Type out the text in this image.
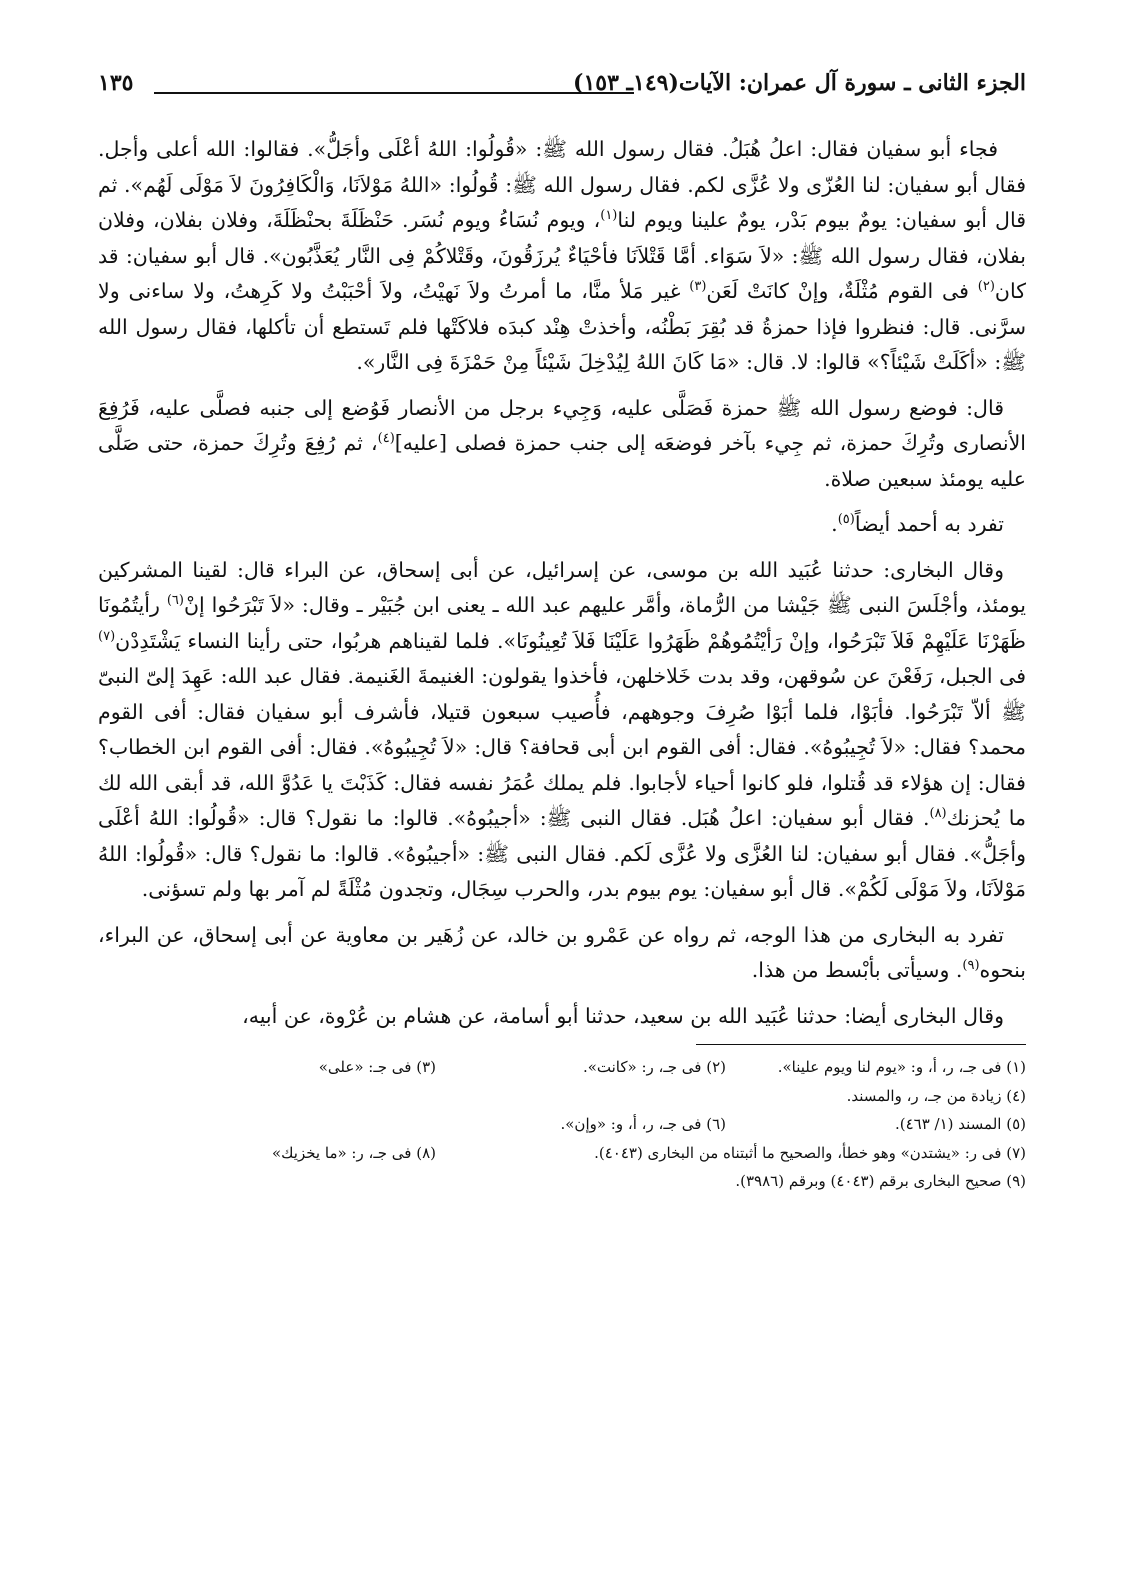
الجزء الثانى ـ سورة آل عمران: الآيات(١٤٩ـ ١٥٣)
١٣٥

فجاء أبو سفيان فقال: اعلُ هُبَلُ. فقال رسول الله ﷺ: «قُولُوا: اللهُ أعْلَى وأجَلُّ». فقالوا: الله أعلى وأجل. فقال أبو سفيان: لنا العُزّى ولا عُزَّى لكم. فقال رسول الله ﷺ: قُولُوا: «اللهُ مَوْلاَنَا، وَالْكَافِرُونَ لاَ مَوْلَى لَهُم». ثم قال أبو سفيان: يومٌ بيوم بَدْر، يومٌ علينا ويوم لنا$^{(١)}$، ويوم نُسَاءُ ويوم نُسَر. حَنْظَلَةَ بحنْظَلَةَ، وفلان بفلان، وفلان بفلان، فقال رسول الله ﷺ: «لاَ سَوَاء. أمَّا قَتْلاَنَا فأحْيَاءٌ يُرزَقُونَ، وقَتْلاكُمْ فِى النَّار يُعَذَّبُون». قال أبو سفيان: قد كان$^{(٢)}$ فى القوم مُثْلَةٌ، وإنْ كانَتْ لَعَن$^{(٣)}$ غير مَلأ منَّا، ما أمرتُ ولاَ نَهيْتُ، ولاَ أحْبَبْتُ ولا كَرِهتُ، ولا ساءنى ولا سرَّنى. قال: فنظروا فإذا حمزةُ قد بُقِرَ بَطْنُه، وأخذتْ هِنْد كبدَه فلاكَتْها فلم تَستطع أن تأكلها، فقال رسول الله ﷺ: «أكَلَتْ شَيْئاً؟» قالوا: لا. قال: «مَا كَانَ اللهُ لِيُدْخِلَ شَيْئاً مِنْ حَمْزَةَ فِى النَّار».

قال: فوضع رسول الله ﷺ حمزة فَصَلَّى عليه، وَجِيء برجل من الأنصار فَوُضع إلى جنبه فصلَّى عليه، فَرُفِعَ الأنصارى وتُرِكَ حمزة، ثم جِيء بآخر فوضعَه إلى جنب حمزة فصلى [عليه]$^{(٤)}$، ثم رُفِعَ وتُرِكَ حمزة، حتى صَلَّى عليه يومئذ سبعين صلاة.

تفرد به أحمد أيضاً$^{(٥)}$.

وقال البخارى: حدثنا عُبَيد الله بن موسى، عن إسرائيل، عن أبى إسحاق، عن البراء قال: لقينا المشركين يومئذ، وأجْلَسَ النبى ﷺ جَيْشا من الرُّماة، وأمَّر عليهم عبد الله ـ يعنى ابن جُبَيْر ـ وقال: «لاَ تَبْرَحُوا إنْ$^{(٦)}$ رأيتُمُونَا ظَهَرْنَا عَلَيْهِمْ فَلاَ تَبْرَحُوا، وإنْ رَأيْتُمُوهُمْ ظَهَرُوا عَلَيْنَا فَلاَ تُعِينُونَا». فلما لقيناهم هربُوا، حتى رأينا النساء يَشْتَدِدْن$^{(٧)}$ فى الجبل، رَفَعْنَ عن سُوقهن، وقد بدت خَلاخلهن، فأخذوا يقولون: الغنيمةَ الغَنيمة. فقال عبد الله: عَهِدَ إلىّ النبىّ ﷺ ألاّ تَبْرَحُوا. فأبَوْا، فلما أبَوْا صُرِفَ وجوههم، فأُصيب سبعون قتيلا، فأشرف أبو سفيان فقال: أفى القوم محمد؟ فقال: «لاَ تُجِيبُوهُ». فقال: أفى القوم ابن أبى قحافة؟ قال: «لاَ تُجِيبُوهُ». فقال: أفى القوم ابن الخطاب؟ فقال: إن هؤلاء قد قُتلوا، فلو كانوا أحياء لأجابوا. فلم يملك عُمَرُ نفسه فقال: كَذَبْتَ يا عَدُوَّ الله، قد أبقى الله لك ما يُحزنك$^{(٨)}$. فقال أبو سفيان: اعلُ هُبَل. فقال النبى ﷺ: «أجيبُوهُ». قالوا: ما نقول؟ قال: «قُولُوا: اللهُ أعْلَى وأجَلُّ». فقال أبو سفيان: لنا العُزَّى ولا عُزَّى لَكم. فقال النبى ﷺ: «أجيبُوهُ». قالوا: ما نقول؟ قال: «قُولُوا: اللهُ مَوْلاَنَا، ولاَ مَوْلَى لَكُمْ». قال أبو سفيان: يوم بيوم بدر، والحرب سِجَال، وتجدون مُثْلَةً لم آمر بها ولم تسؤنى.

تفرد به البخارى من هذا الوجه، ثم رواه عن عَمْرو بن خالد، عن زُهَير بن معاوية عن أبى إسحاق، عن البراء، بنحوه$^{(٩)}$. وسيأتى بأبْسط من هذا.

وقال البخارى أيضا: حدثنا عُبَيد الله بن سعيد، حدثنا أبو أسامة، عن هشام بن عُرْوة، عن أبيه،

(١) فى جـ، ر، أ، و: «يوم لنا ويوم علينا».
(٢) فى جـ، ر: «كانت».
(٣) فى جـ: «على»
(٤) زيادة من جـ، ر، والمسند.
(٥) المسند (١/ ٤٦٣).
(٦) فى جـ، ر، أ، و: «وإن».
(٧) فى ر: «يشتدن» وهو خطأ، والصحيح ما أثبتناه من البخارى (٤٠٤٣).
(٨) فى جـ، ر: «ما يخزيك»
(٩) صحيح البخارى برقم (٤٠٤٣) وبرقم (٣٩٨٦).
